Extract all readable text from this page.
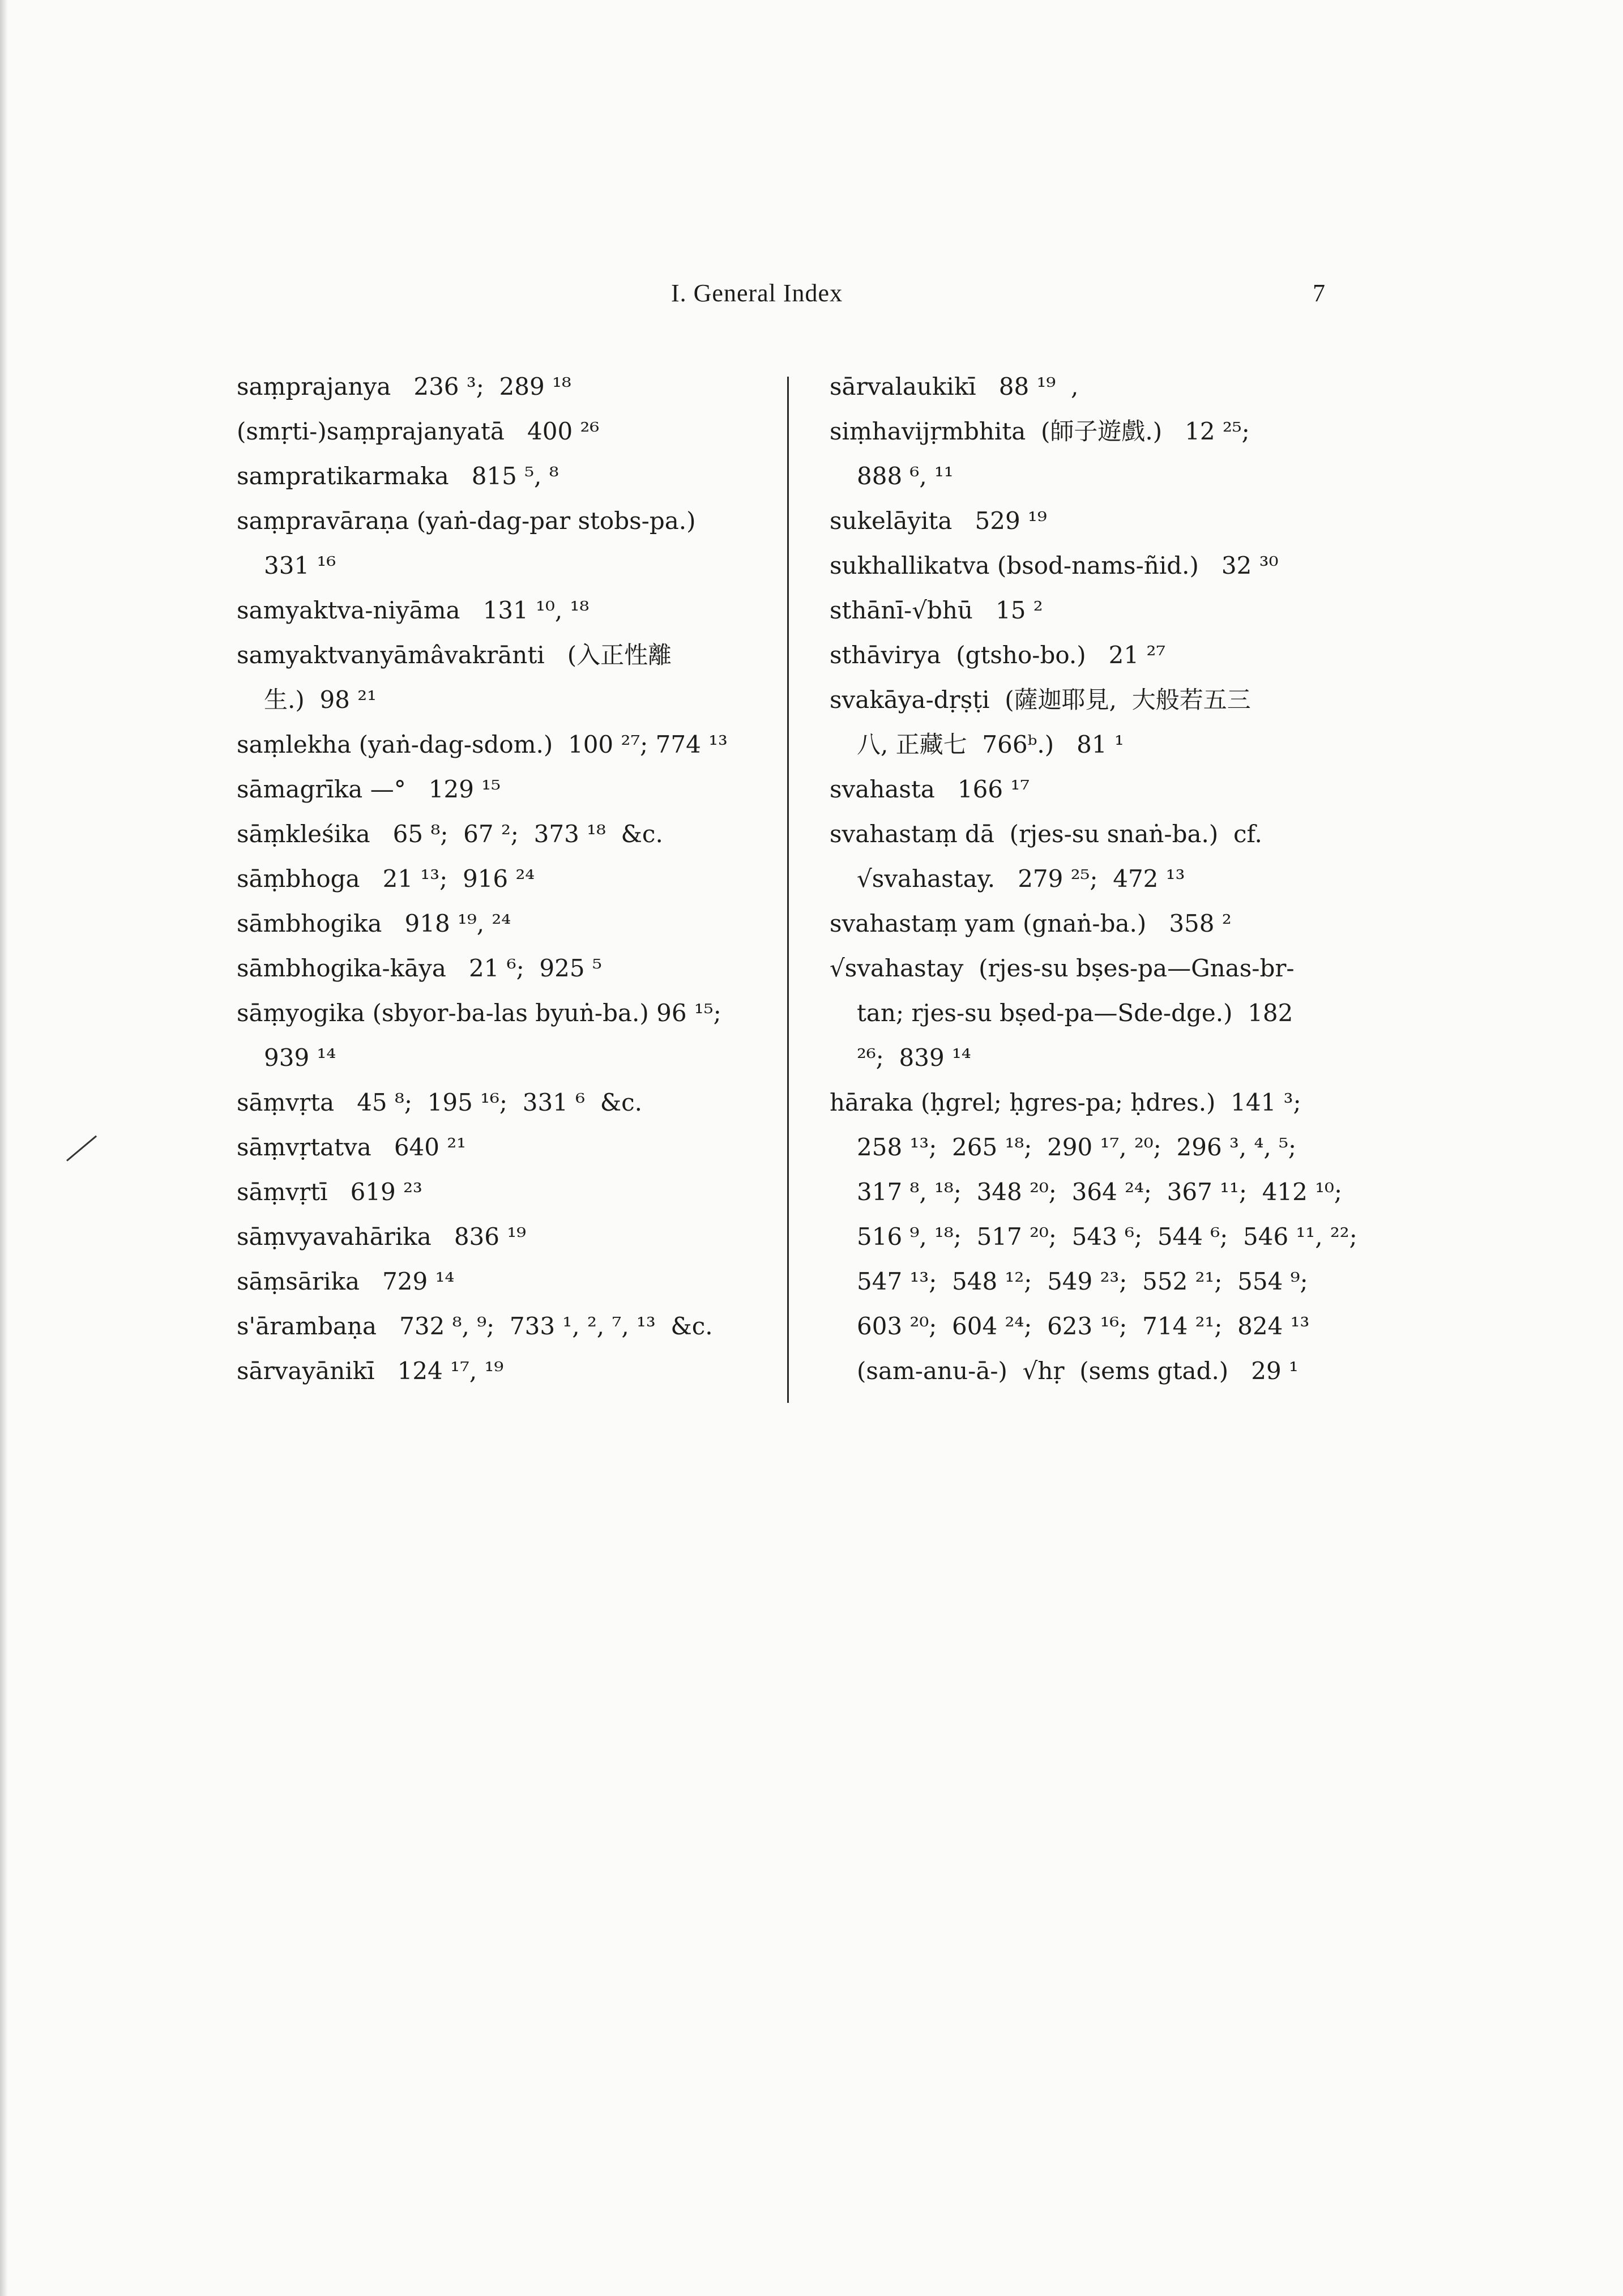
I. General Index	7
saṃprajanya   236 ³;  289 ¹⁸
(smṛti-)saṃprajanyatā   400 ²⁶
sampratikarmaka   815 ⁵, ⁸
saṃpravāraṇa (yaṅ-dag-par stobs-pa.)
331 ¹⁶
samyaktva-niyāma   131 ¹⁰, ¹⁸
samyaktvanyāmâvakrānti   (入正性離
生.)  98 ²¹
saṃlekha (yaṅ-dag-sdom.)  100 ²⁷; 774 ¹³
sāmagrīka —°   129 ¹⁵
sāṃkleśika   65 ⁸;  67 ²;  373 ¹⁸  &c.
sāṃbhoga   21 ¹³;  916 ²⁴
sāmbhogika   918 ¹⁹, ²⁴
sāmbhogika-kāya   21 ⁶;  925 ⁵
sāṃyogika (sbyor-ba-las byuṅ-ba.) 96 ¹⁵;
939 ¹⁴
sāṃvṛta   45 ⁸;  195 ¹⁶;  331 ⁶  &c.
sāṃvṛtatva   640 ²¹
sāṃvṛtī   619 ²³
sāṃvyavahārika   836 ¹⁹
sāṃsārika   729 ¹⁴
s'ārambaṇa   732 ⁸, ⁹;  733 ¹, ², ⁷, ¹³  &c.
sārvayānikī   124 ¹⁷, ¹⁹
sārvalaukikī   88 ¹⁹  ,
siṃhavijṛmbhita  (師子遊戲.)   12 ²⁵;
888 ⁶, ¹¹
sukelāyita   529 ¹⁹
sukhallikatva (bsod-nams-ñid.)   32 ³⁰
sthānī-√bhū   15 ²
sthāvirya  (gtsho-bo.)   21 ²⁷
svakāya-dṛṣṭi  (薩迦耶見,  大般若五三
八, 正藏七  766ᵇ.)   81 ¹
svahasta   166 ¹⁷
svahastaṃ dā  (rjes-su snaṅ-ba.)  cf.
√svahastay.   279 ²⁵;  472 ¹³
svahastaṃ yam (gnaṅ-ba.)   358 ²
√svahastay  (rjes-su bṣes-pa—Gnas-br-
tan; rjes-su bṣed-pa—Sde-dge.)  182
²⁶;  839 ¹⁴
hāraka (ḥgrel; ḥgres-pa; ḥdres.)  141 ³;
258 ¹³;  265 ¹⁸;  290 ¹⁷, ²⁰;  296 ³, ⁴, ⁵;
317 ⁸, ¹⁸;  348 ²⁰;  364 ²⁴;  367 ¹¹;  412 ¹⁰;
516 ⁹, ¹⁸;  517 ²⁰;  543 ⁶;  544 ⁶;  546 ¹¹, ²²;
547 ¹³;  548 ¹²;  549 ²³;  552 ²¹;  554 ⁹;
603 ²⁰;  604 ²⁴;  623 ¹⁶;  714 ²¹;  824 ¹³
(sam-anu-ā-)  √hṛ  (sems gtad.)   29 ¹
